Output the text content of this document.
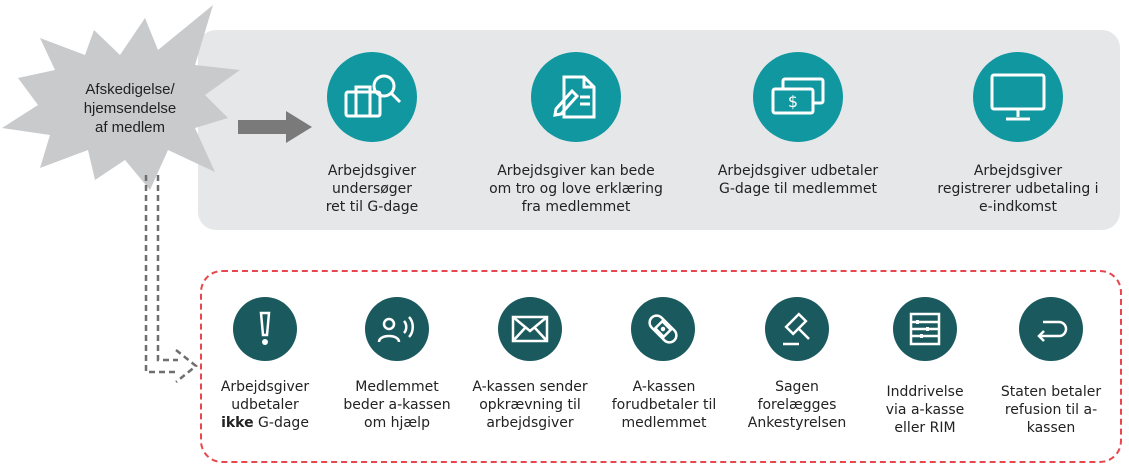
Afskedigelse/
hjemsendelse
af medlem
Arbejdsgiver
undersøger
ret til G-dage
Arbejdsgiver kan bede
om tro og love erklæring
fra medlemmet
$
Arbejdsgiver udbetaler
G-dage til medlemmet
Arbejdsgiver
registrerer udbetaling i
e-indkomst
Arbejdsgiver
udbetaler
ikke G-dage
Medlemmet
beder a-kassen
om hjælp
A-kassen sender
opkrævning til
arbejdsgiver
A-kassen
forudbetaler til
medlemmet
Sagen
forelægges
Ankestyrelsen
Inddrivelse
via a-kasse
eller RIM
Staten betaler
refusion til a-
kassen
